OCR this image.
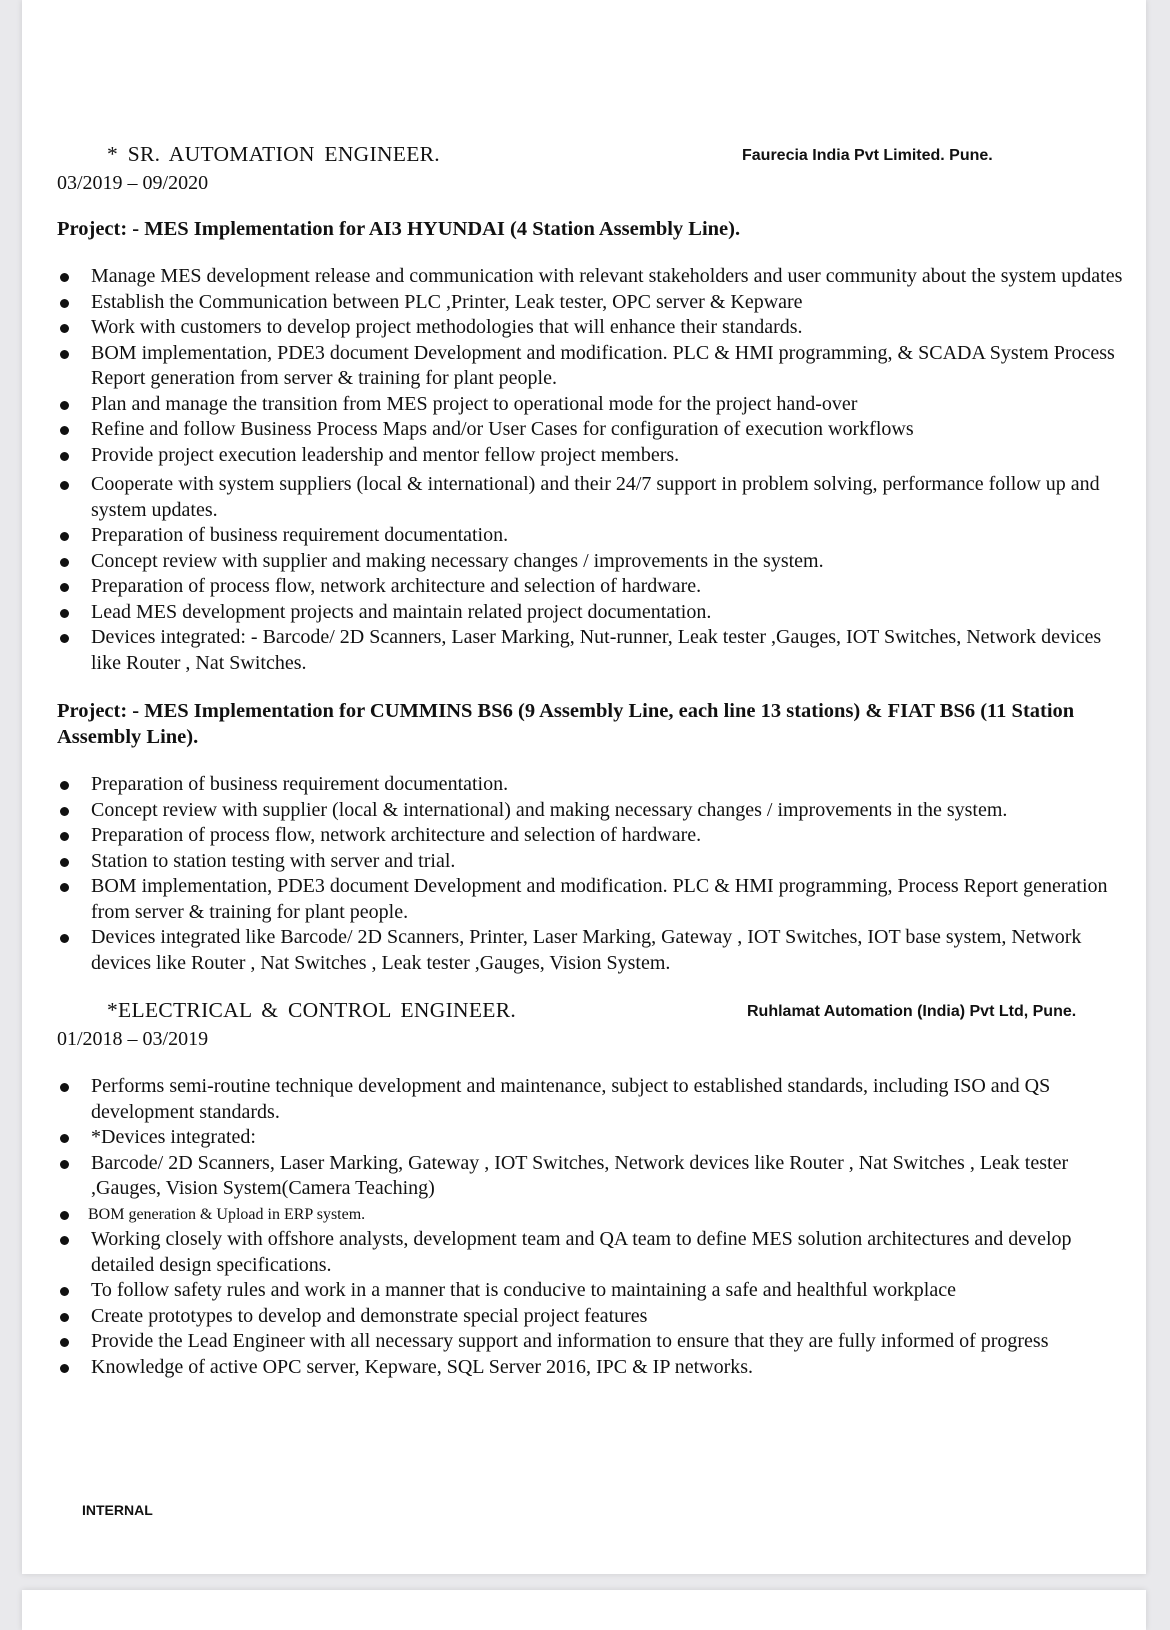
* SR. AUTOMATION ENGINEER.	Faurecia India Pvt Limited. Pune.
03/2019 – 09/2020
Project: - MES Implementation for AI3 HYUNDAI (4 Station Assembly Line).
Manage MES development release and communication with relevant stakeholders and user community about the system updates
Establish the Communication between PLC ,Printer, Leak tester, OPC server & Kepware
Work with customers to develop project methodologies that will enhance their standards.
BOM implementation, PDE3 document Development and modification. PLC & HMI programming, & SCADA System Process Report generation from server & training for plant people.
Plan and manage the transition from MES project to operational mode for the project hand-over
Refine and follow Business Process Maps and/or User Cases for configuration of execution workflows
Provide project execution leadership and mentor fellow project members.
Cooperate with system suppliers (local & international) and their 24/7 support in problem solving, performance follow up and system updates.
Preparation of business requirement documentation.
Concept review with supplier and making necessary changes / improvements in the system.
Preparation of process flow, network architecture and selection of hardware.
Lead MES development projects and maintain related project documentation.
Devices integrated: - Barcode/ 2D Scanners, Laser Marking, Nut-runner, Leak tester ,Gauges, IOT Switches, Network devices like Router , Nat Switches.
Project: - MES Implementation for CUMMINS BS6 (9 Assembly Line, each line 13 stations) & FIAT BS6 (11 Station Assembly Line).
Preparation of business requirement documentation.
Concept review with supplier (local & international) and making necessary changes / improvements in the system.
Preparation of process flow, network architecture and selection of hardware.
Station to station testing with server and trial.
BOM implementation, PDE3 document Development and modification. PLC & HMI programming, Process Report generation from server & training for plant people.
Devices integrated like Barcode/ 2D Scanners, Printer, Laser Marking, Gateway , IOT Switches, IOT base system, Network devices like Router , Nat Switches , Leak tester ,Gauges, Vision System.
*ELECTRICAL & CONTROL ENGINEER.	Ruhlamat Automation (India) Pvt Ltd, Pune.
01/2018 – 03/2019
Performs semi-routine technique development and maintenance, subject to established standards, including ISO and QS development standards.
*Devices integrated:
Barcode/ 2D Scanners, Laser Marking, Gateway , IOT Switches, Network devices like Router , Nat Switches , Leak tester ,Gauges, Vision System(Camera Teaching)
BOM generation & Upload in ERP system.
Working closely with offshore analysts, development team and QA team to define MES solution architectures and develop detailed design specifications.
To follow safety rules and work in a manner that is conducive to maintaining a safe and healthful workplace
Create prototypes to develop and demonstrate special project features
Provide the Lead Engineer with all necessary support and information to ensure that they are fully informed of progress
Knowledge of active OPC server, Kepware, SQL Server 2016, IPC & IP networks.
INTERNAL
